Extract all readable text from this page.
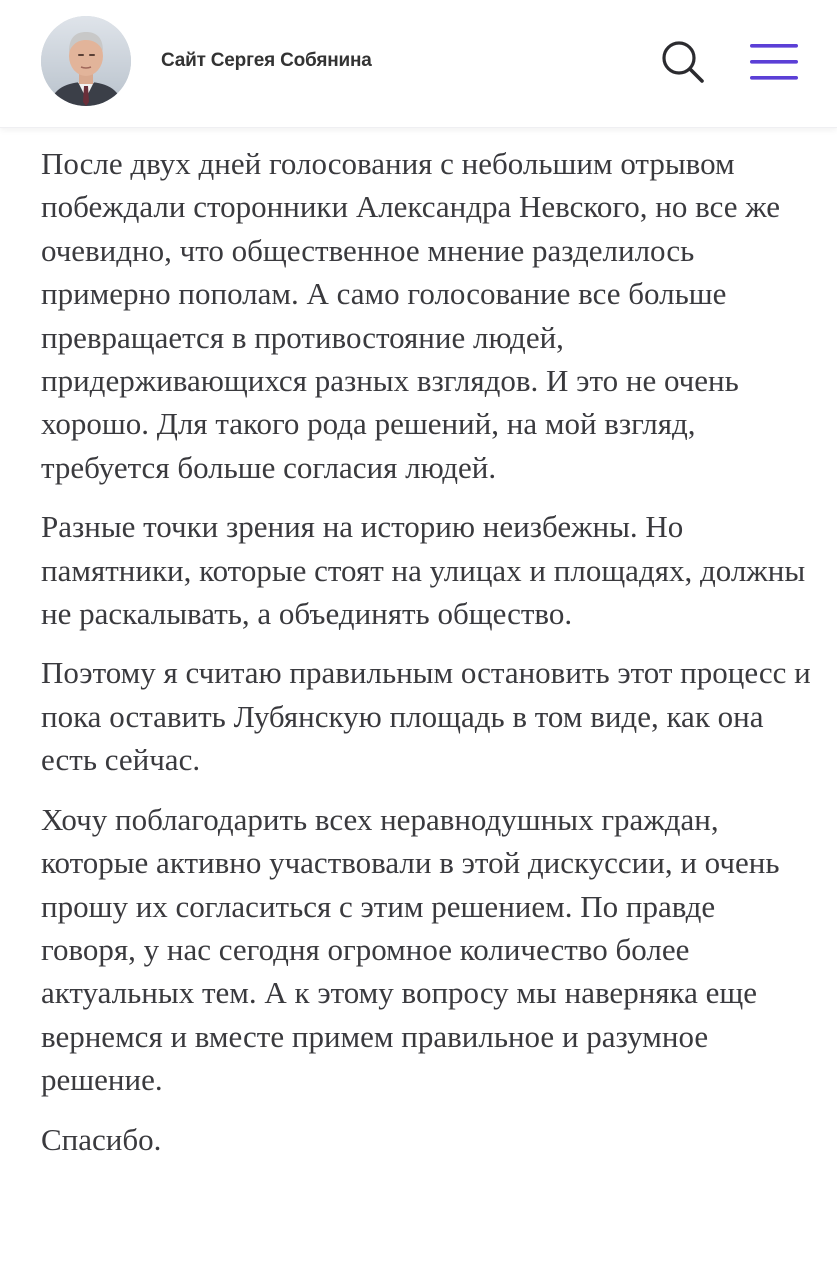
Сайт Сергея Собянина

После двух дней голосования с небольшим отрывом побеждали сторонники Александра Невского, но все же очевидно, что общественное мнение разделилось примерно пополам. А само голосование все больше превращается в противостояние людей, придерживающихся разных взглядов. И это не очень хорошо. Для такого рода решений, на мой взгляд, требуется больше согласия людей.

Разные точки зрения на историю неизбежны. Но памятники, которые стоят на улицах и площадях, должны не раскалывать, а объединять общество.

Поэтому я считаю правильным остановить этот процесс и пока оставить Лубянскую площадь в том виде, как она есть сейчас.

Хочу поблагодарить всех неравнодушных граждан, которые активно участвовали в этой дискуссии, и очень прошу их согласиться с этим решением. По правде говоря, у нас сегодня огромное количество более актуальных тем. А к этому вопросу мы наверняка еще вернемся и вместе примем правильное и разумное решение.

Спасибо.
